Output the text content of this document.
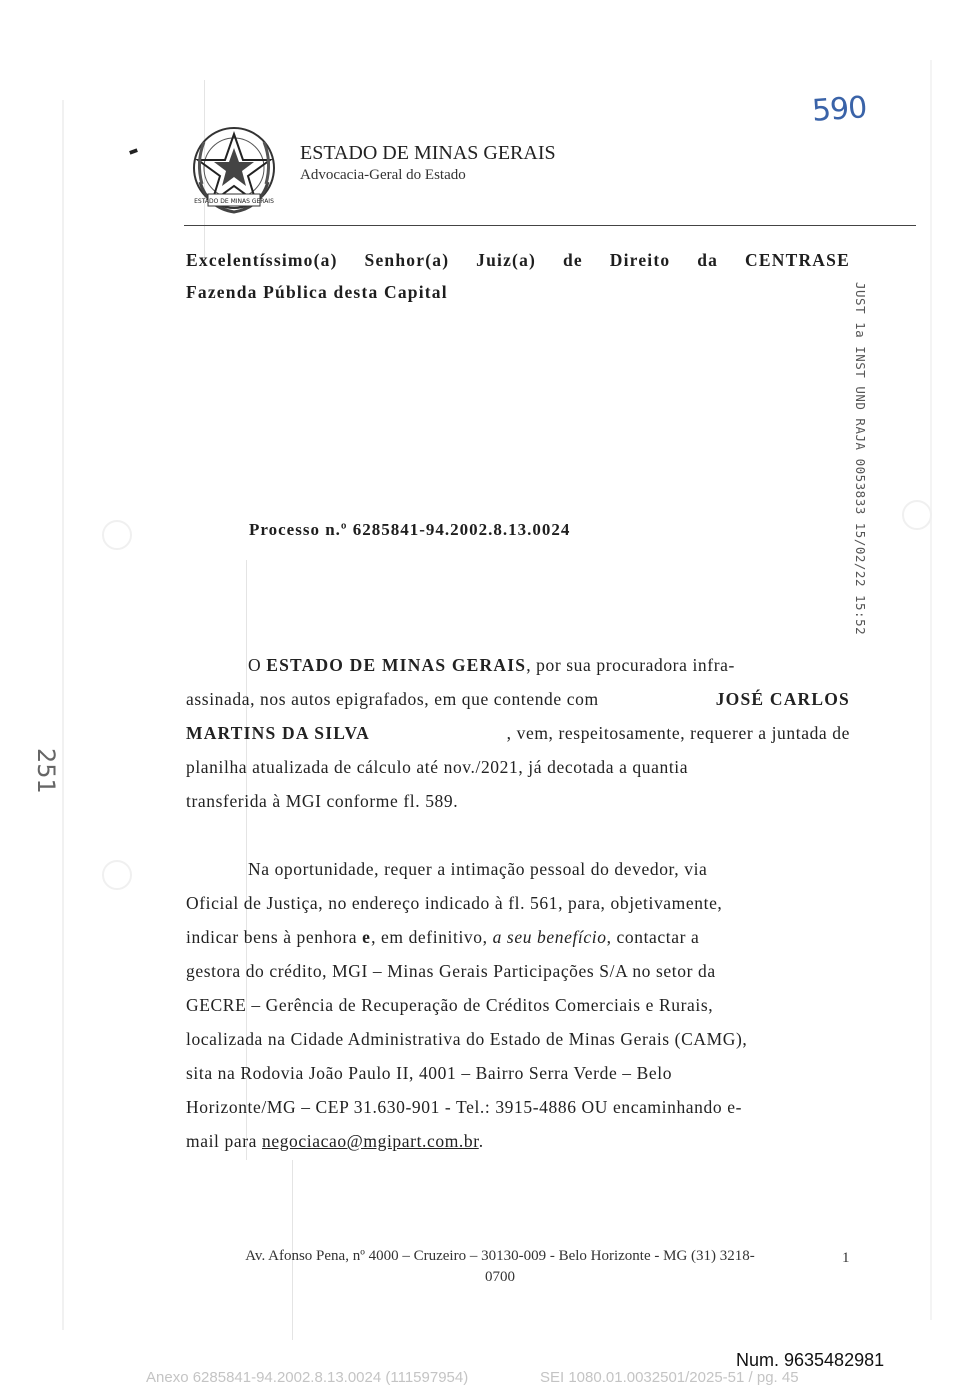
590
-
251
ESTADO DE MINAS GERAIS
ESTADO DE MINAS GERAIS
Advocacia-Geral do Estado
Excelentíssimo(a) Senhor(a) Juiz(a) de Direito da CENTRASE
Fazenda Pública desta Capital	JUST 1a INST UND RAJA 0053833 15/02/22 15:52
Processo n.º 6285841-94.2002.8.13.0024
O ESTADO DE MINAS GERAIS, por sua procuradora infra-
assinada, nos autos epigrafados, em que contende com	JOSÉ CARLOS
MARTINS DA SILVA	, vem, respeitosamente, requerer a juntada de
planilha atualizada de cálculo até nov./2021, já decotada a quantia
transferida à MGI conforme fl. 589.
Na oportunidade, requer a intimação pessoal do devedor, via
Oficial de Justiça, no endereço indicado à fl. 561, para, objetivamente,
indicar bens à penhora e, em definitivo, a seu benefício, contactar a
gestora do crédito, MGI – Minas Gerais Participações S/A no setor da
GECRE – Gerência de Recuperação de Créditos Comerciais e Rurais,
localizada na Cidade Administrativa do Estado de Minas Gerais (CAMG),
sita na Rodovia João Paulo II, 4001 – Bairro Serra Verde – Belo
Horizonte/MG – CEP 31.630-901 - Tel.: 3915-4886 OU encaminhando e-
mail para negociacao@mgipart.com.br.
Av. Afonso Pena, nº 4000 – Cruzeiro – 30130-009 - Belo Horizonte - MG (31) 3218-
0700
1
Num. 9635482981
Anexo 6285841-94.2002.8.13.0024 (111597954)	SEI 1080.01.0032501/2025-51 / pg. 45
